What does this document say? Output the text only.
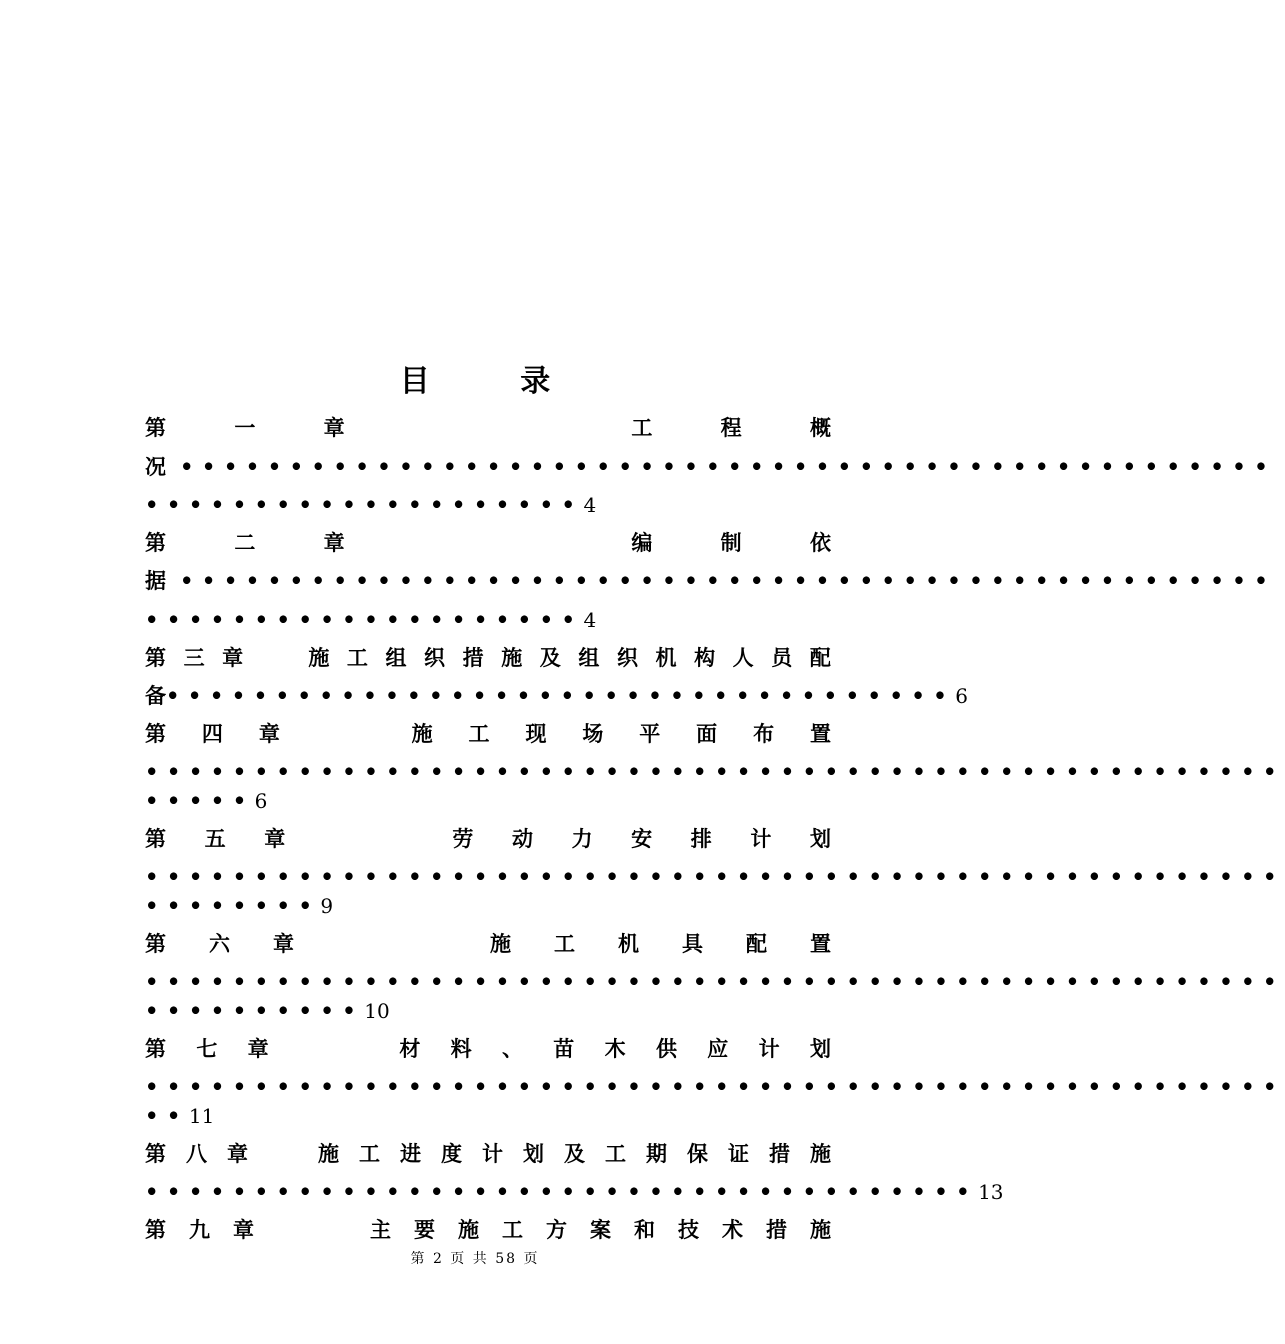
目 录
第	一	章	工	程	概
况 ••••••••••••••••••••••••••••••••••••••••••••••••••
•••••••••••••••••••• 4
第	二	章	编	制	依
据 ••••••••••••••••••••••••••••••••••••••••••••••••••
•••••••••••••••••••• 4
第 三 章	施 工 组 织 措 施 及 组 织 机 构 人 员 配
备 •••••••••••••••••••••••••••••••••••• 6
第 四 章	施 工 现 场 平 面 布 置
••••••••••••••••••••••••••••••••••••••••••••••••••••
••••• 6
第 五 章	劳 动 力 安 排 计 划
••••••••••••••••••••••••••••••••••••••••••••••••••••
•••••••• 9
第 六 章	施 工 机 具 配 置
••••••••••••••••••••••••••••••••••••••••••••••••••••
•••••••••• 10
第 七 章	材 料 、 苗 木 供 应 计 划
••••••••••••••••••••••••••••••••••••••••••••••••••••
•• 11
第 八 章	施 工 进 度 计 划 及 工 期 保 证 措 施
•••••••••••••••••••••••••••••••••••••• 13
第 九 章	主 要 施 工 方 案 和 技 术 措 施
第 2 页 共 58 页
